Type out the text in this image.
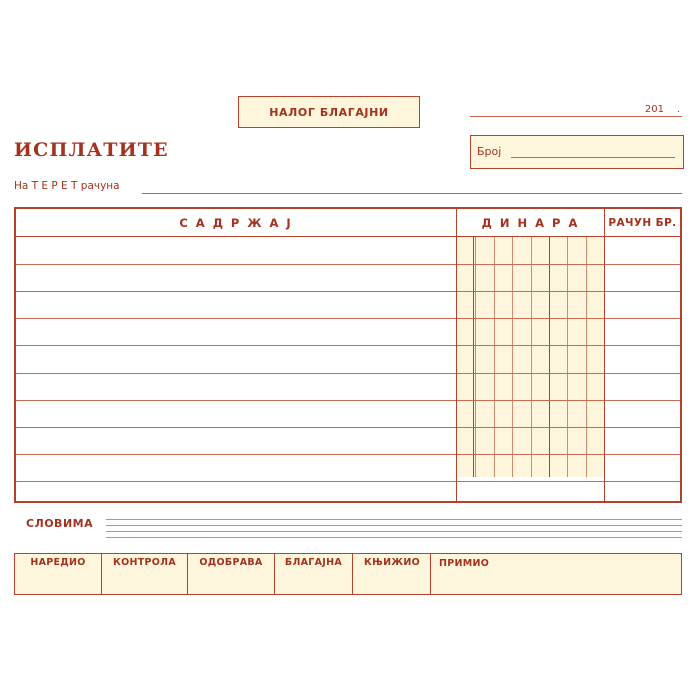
НАЛОГ БЛАГАЈНИ	201 .
ИСПЛАТИТЕ	Број
На Т Е Р Е Т рачуна
С А Д Р Ж А Ј	Д И Н А Р А	РАЧУН БР.
СЛОВИМА
НАРЕДИО	КОНТРОЛА	ОДОБРАВА	БЛАГАЈНА	КЊИЖИО	ПРИМИО
